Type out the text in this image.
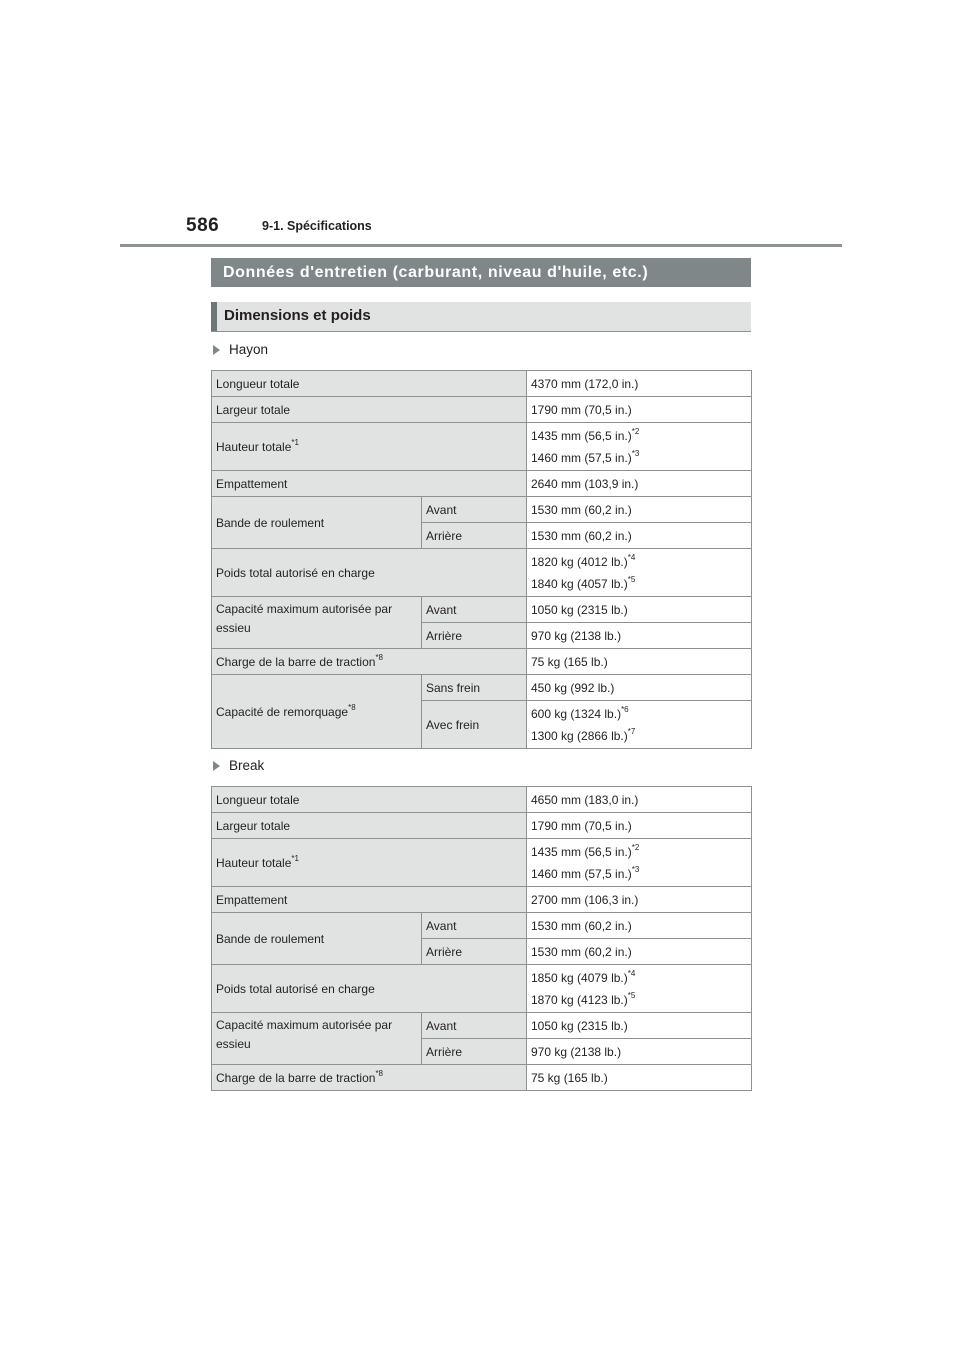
586	9-1. Spécifications
Données d'entretien (carburant, niveau d'huile, etc.)
Dimensions et poids
Hayon
Longueur totale		4370 mm (172,0 in.)
Largeur totale		1790 mm (70,5 in.)
Hauteur totale$^{*1}$		1435 mm (56,5 in.)$^{*2}$
1460 mm (57,5 in.)$^{*3}$

Empattement		2640 mm (103,9 in.)
Bande de roulement	Avant	1530 mm (60,2 in.)
	Arrière	1530 mm (60,2 in.)
Poids total autorisé en charge		1820 kg (4012 lb.)$^{*4}$
1840 kg (4057 lb.)$^{*5}$

Capacité maximum autorisée par
essieu	Avant	1050 kg (2315 lb.)
	Arrière	970 kg (2138 lb.)
Charge de la barre de traction$^{*8}$		75 kg (165 lb.)
Capacité de remorquage$^{*8}$	Sans frein	450 kg (992 lb.)
	Avec frein	600 kg (1324 lb.)$^{*6}$
1300 kg (2866 lb.)$^{*7}$
Break
Longueur totale		4650 mm (183,0 in.)
Largeur totale		1790 mm (70,5 in.)
Hauteur totale$^{*1}$		1435 mm (56,5 in.)$^{*2}$
1460 mm (57,5 in.)$^{*3}$

Empattement		2700 mm (106,3 in.)
Bande de roulement	Avant	1530 mm (60,2 in.)
	Arrière	1530 mm (60,2 in.)
Poids total autorisé en charge		1850 kg (4079 lb.)$^{*4}$
1870 kg (4123 lb.)$^{*5}$

Capacité maximum autorisée par
essieu	Avant	1050 kg (2315 lb.)
	Arrière	970 kg (2138 lb.)
Charge de la barre de traction$^{*8}$		75 kg (165 lb.)
